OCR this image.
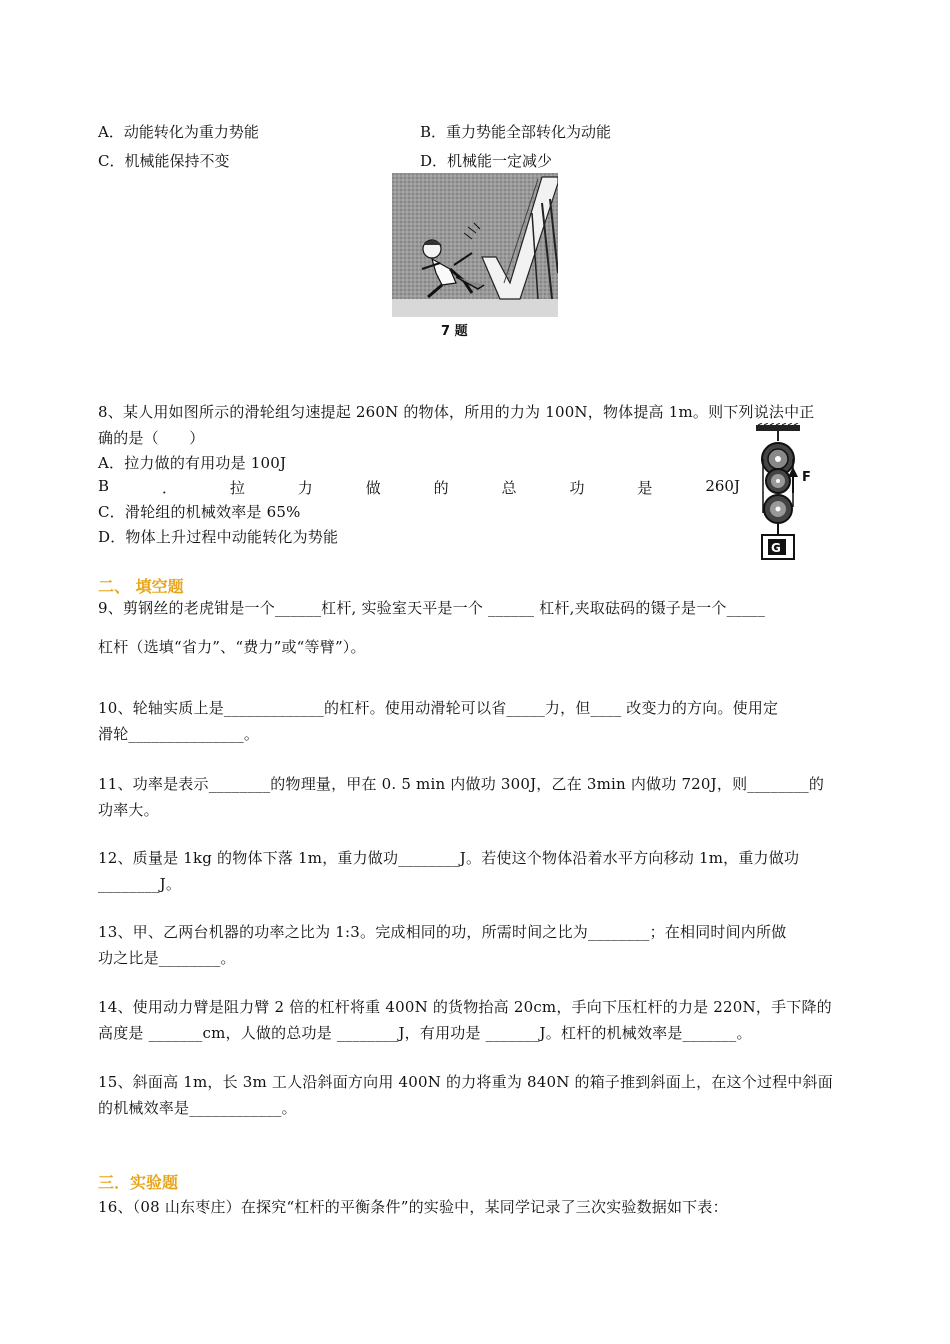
A．动能转化为重力势能	B．重力势能全部转化为动能
C．机械能保持不变	D．机械能一定减少
7 题
8、某人用如图所示的滑轮组匀速提起 260N 的物体，所用的力为 100N，物体提高 1m。则下列说法中正
确的是（　　）
A．拉力做的有用功是 100J
B	．	拉	力	做	的	总	功	是	260J
C．滑轮组的机械效率是 65%
D．物体上升过程中动能转化为势能
F
G
二、 填空题
9、剪钢丝的老虎钳是一个______杠杆, 实验室天平是一个 ______ 杠杆,夹取砝码的镊子是一个_____
杠杆（选填“省力”、“费力”或“等臂”）。
10、轮轴实质上是_____________的杠杆。使用动滑轮可以省_____力，但____ 改变力的方向。使用定
滑轮_______________。
11、功率是表示________的物理量，甲在 0. 5 min 内做功 300J，乙在 3min 内做功 720J，则________的
功率大。
12、质量是 1kg 的物体下落 1m，重力做功________J。若使这个物体沿着水平方向移动 1m，重力做功
________J。
13、甲、乙两台机器的功率之比为 1:3。完成相同的功，所需时间之比为________；在相同时间内所做
功之比是________。
14、使用动力臂是阻力臂 2 倍的杠杆将重 400N 的货物抬高 20cm，手向下压杠杆的力是 220N，手下降的
高度是 _______cm，人做的总功是 ________J，有用功是 _______J。杠杆的机械效率是_______。
15、斜面高 1m，长 3m 工人沿斜面方向用 400N 的力将重为 840N 的箱子推到斜面上，在这个过程中斜面
的机械效率是____________。
三．实验题
16、（08 山东枣庄）在探究“杠杆的平衡条件”的实验中，某同学记录了三次实验数据如下表：
